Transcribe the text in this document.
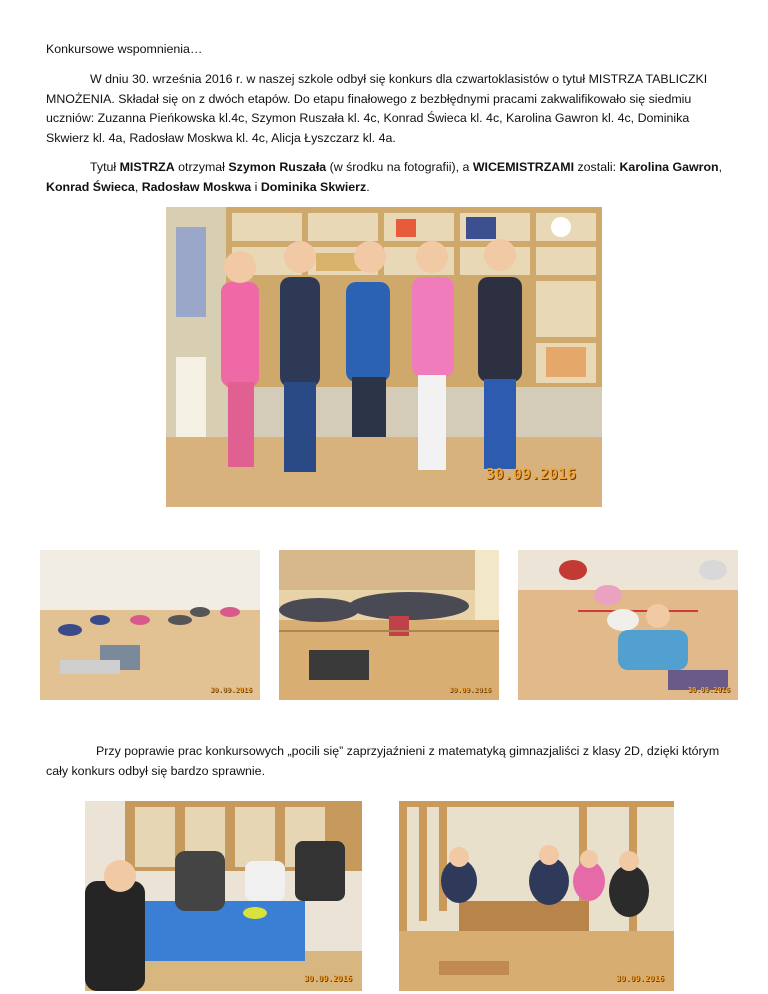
Konkursowe wspomnienia…

W dniu 30. września 2016 r. w naszej szkole odbył się konkurs dla czwartoklasistów o tytuł MISTRZA TABLICZKI MNOŻENIA. Składał się on z dwóch etapów. Do etapu finałowego z bezbłędnymi pracami zakwalifikowało się siedmiu uczniów: Zuzanna Pieńkowska kl.4c, Szymon Ruszała kl. 4c, Konrad Świeca kl. 4c, Karolina Gawron kl. 4c, Dominika Skwierz kl. 4a, Radosław Moskwa kl. 4c, Alicja Łyszczarz kl. 4a.

Tytuł MISTRZA otrzymał Szymon Ruszała (w środku na fotografii), a WICEMISTRZAMI zostali: Karolina Gawron, Konrad Świeca, Radosław Moskwa i Dominika Skwierz.

30.09.2016
30.09.2016	30.09.2016	30.09.2016

Przy poprawie prac konkursowych „pocili się” zaprzyjaźnieni z matematyką gimnazjaliści z klasy 2D, dzięki którym cały konkurs odbył się bardzo sprawnie.

30.09.2016	30.09.2016
